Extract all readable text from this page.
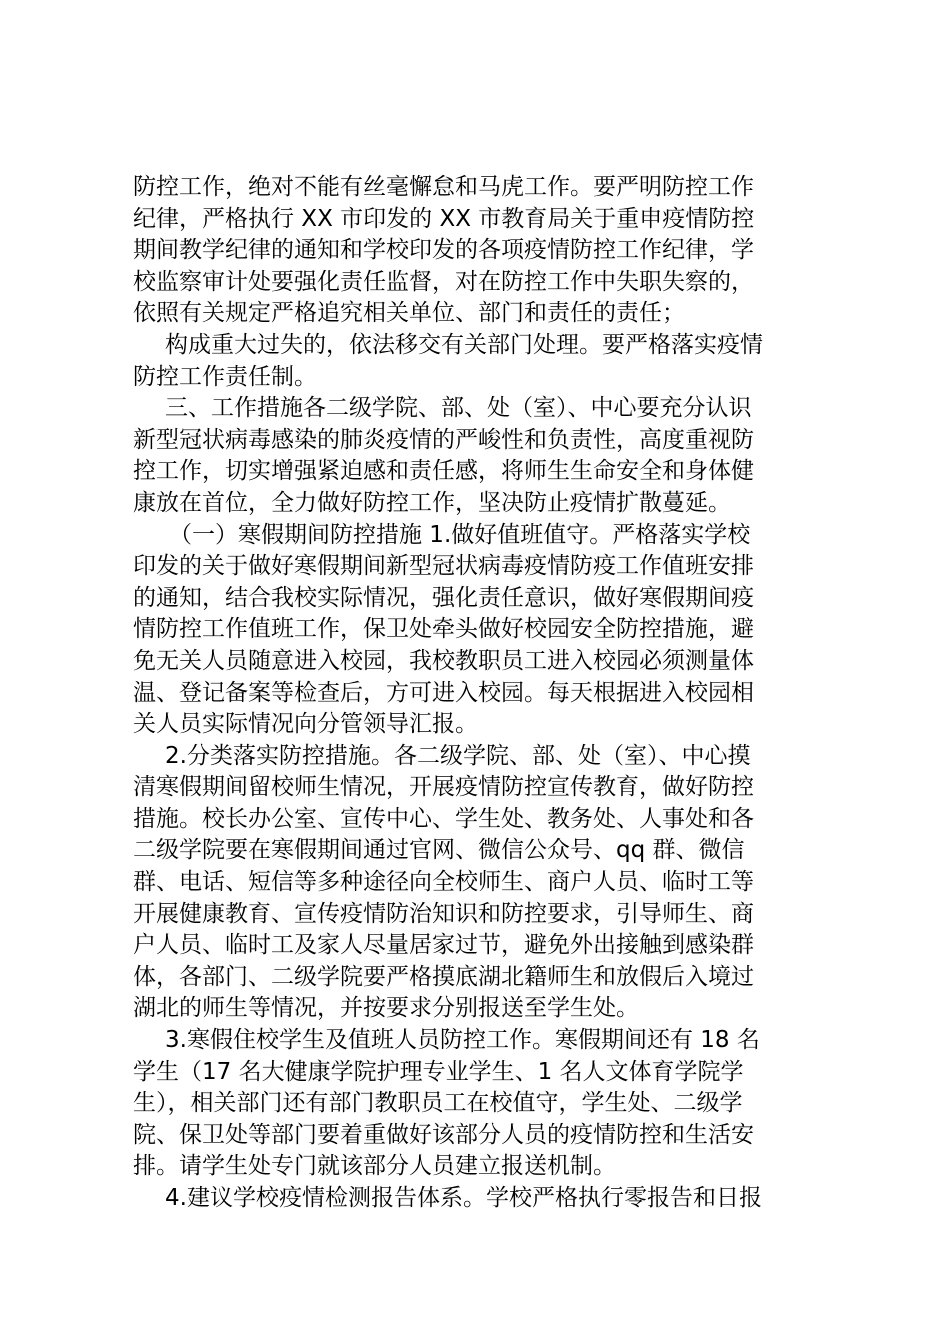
防控工作，绝对不能有丝毫懈怠和马虎工作。要严明防控工作
纪律，严格执行 XX 市印发的 XX 市教育局关于重申疫情防控
期间教学纪律的通知和学校印发的各项疫情防控工作纪律，学
校监察审计处要强化责任监督，对在防控工作中失职失察的，
依照有关规定严格追究相关单位、部门和责任的责任；
构成重大过失的，依法移交有关部门处理。要严格落实疫情
防控工作责任制。
三、工作措施各二级学院、部、处（室）、中心要充分认识
新型冠状病毒感染的肺炎疫情的严峻性和负责性，高度重视防
控工作，切实增强紧迫感和责任感，将师生生命安全和身体健
康放在首位，全力做好防控工作，坚决防止疫情扩散蔓延。
（一）寒假期间防控措施 1.做好值班值守。严格落实学校
印发的关于做好寒假期间新型冠状病毒疫情防疫工作值班安排
的通知，结合我校实际情况，强化责任意识，做好寒假期间疫
情防控工作值班工作，保卫处牵头做好校园安全防控措施，避
免无关人员随意进入校园，我校教职员工进入校园必须测量体
温、登记备案等检查后，方可进入校园。每天根据进入校园相
关人员实际情况向分管领导汇报。
2.分类落实防控措施。各二级学院、部、处（室）、中心摸
清寒假期间留校师生情况，开展疫情防控宣传教育，做好防控
措施。校长办公室、宣传中心、学生处、教务处、人事处和各
二级学院要在寒假期间通过官网、微信公众号、qq 群、微信
群、电话、短信等多种途径向全校师生、商户人员、临时工等
开展健康教育、宣传疫情防治知识和防控要求，引导师生、商
户人员、临时工及家人尽量居家过节，避免外出接触到感染群
体，各部门、二级学院要严格摸底湖北籍师生和放假后入境过
湖北的师生等情况，并按要求分别报送至学生处。
3.寒假住校学生及值班人员防控工作。寒假期间还有 18 名
学生（17 名大健康学院护理专业学生、1 名人文体育学院学
生），相关部门还有部门教职员工在校值守，学生处、二级学
院、保卫处等部门要着重做好该部分人员的疫情防控和生活安
排。请学生处专门就该部分人员建立报送机制。
4.建议学校疫情检测报告体系。学校严格执行零报告和日报
